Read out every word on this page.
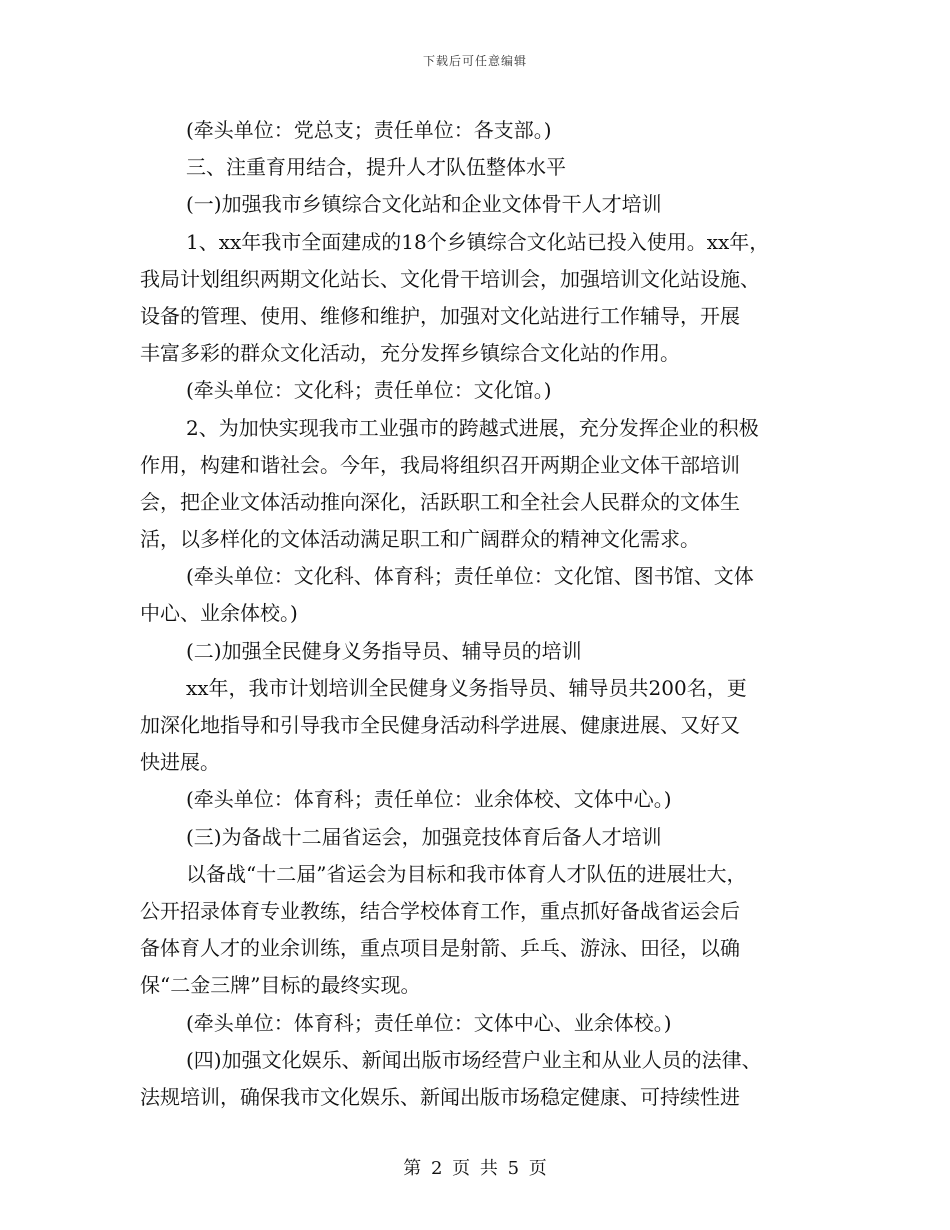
下载后可任意编辑
(牵头单位：党总支；责任单位：各支部。)
三、注重育用结合，提升人才队伍整体水平
(一)加强我市乡镇综合文化站和企业文体骨干人才培训
1、xx年我市全面建成的18个乡镇综合文化站已投入使用。xx年，
我局计划组织两期文化站长、文化骨干培训会，加强培训文化站设施、
设备的管理、使用、维修和维护，加强对文化站进行工作辅导，开展
丰富多彩的群众文化活动，充分发挥乡镇综合文化站的作用。
(牵头单位：文化科；责任单位：文化馆。)
2、为加快实现我市工业强市的跨越式进展，充分发挥企业的积极
作用，构建和谐社会。今年，我局将组织召开两期企业文体干部培训
会，把企业文体活动推向深化，活跃职工和全社会人民群众的文体生
活，以多样化的文体活动满足职工和广阔群众的精神文化需求。
(牵头单位：文化科、体育科；责任单位：文化馆、图书馆、文体
中心、业余体校。)
(二)加强全民健身义务指导员、辅导员的培训
xx年，我市计划培训全民健身义务指导员、辅导员共200名，更
加深化地指导和引导我市全民健身活动科学进展、健康进展、又好又
快进展。
(牵头单位：体育科；责任单位：业余体校、文体中心。)
(三)为备战十二届省运会，加强竞技体育后备人才培训
以备战“十二届”省运会为目标和我市体育人才队伍的进展壮大，
公开招录体育专业教练，结合学校体育工作，重点抓好备战省运会后
备体育人才的业余训练，重点项目是射箭、乒乓、游泳、田径，以确
保“二金三牌”目标的最终实现。
(牵头单位：体育科；责任单位：文体中心、业余体校。)
(四)加强文化娱乐、新闻出版市场经营户业主和从业人员的法律、
法规培训，确保我市文化娱乐、新闻出版市场稳定健康、可持续性进
第 2 页 共 5 页
